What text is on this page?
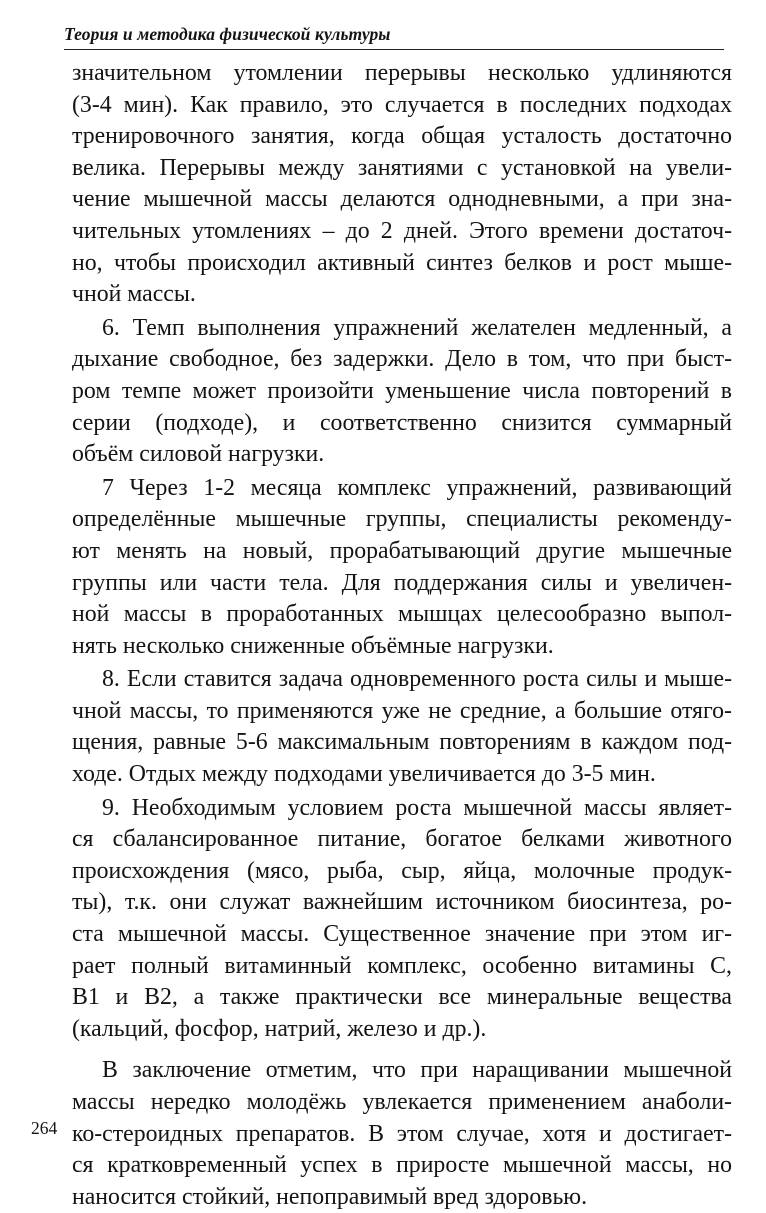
Теория и методика физической культуры
значительном утомлении перерывы несколько удлиняются
(3-4 мин). Как правило, это случается в последних подходах
тренировочного занятия, когда общая усталость достаточно
велика. Перерывы между занятиями с установкой на увели-
чение мышечной массы делаются однодневными, а при зна-
чительных утомлениях – до 2 дней. Этого времени достаточ-
но, чтобы происходил активный синтез белков и рост мыше-
чной массы.
6. Темп выполнения упражнений желателен медленный, а
дыхание свободное, без задержки. Дело в том, что при быст-
ром темпе может произойти уменьшение числа повторений в
серии (подходе), и соответственно снизится суммарный
объём силовой нагрузки.
7 Через 1-2 месяца комплекс упражнений, развивающий
определённые мышечные группы, специалисты рекоменду-
ют менять на новый, прорабатывающий другие мышечные
группы или части тела. Для поддержания силы и увеличен-
ной массы в проработанных мышцах целесообразно выпол-
нять несколько сниженные объёмные нагрузки.
8. Если ставится задача одновременного роста силы и мыше-
чной массы, то применяются уже не средние, а большие отяго-
щения, равные 5-6 максимальным повторениям в каждом под-
ходе. Отдых между подходами увеличивается до 3-5 мин.
9. Необходимым условием роста мышечной массы являет-
ся сбалансированное питание, богатое белками животного
происхождения (мясо, рыба, сыр, яйца, молочные продук-
ты), т.к. они служат важнейшим источником биосинтеза, ро-
ста мышечной массы. Существенное значение при этом иг-
рает полный витаминный комплекс, особенно витамины С,
В1 и В2, а также практически все минеральные вещества
(кальций, фосфор, натрий, железо и др.).
В заключение отметим, что при наращивании мышечной
массы нередко молодёжь увлекается применением анаболи-
ко-стероидных препаратов. В этом случае, хотя и достигает-
ся кратковременный успех в приросте мышечной массы, но
наносится стойкий, непоправимый вред здоровью.
264
